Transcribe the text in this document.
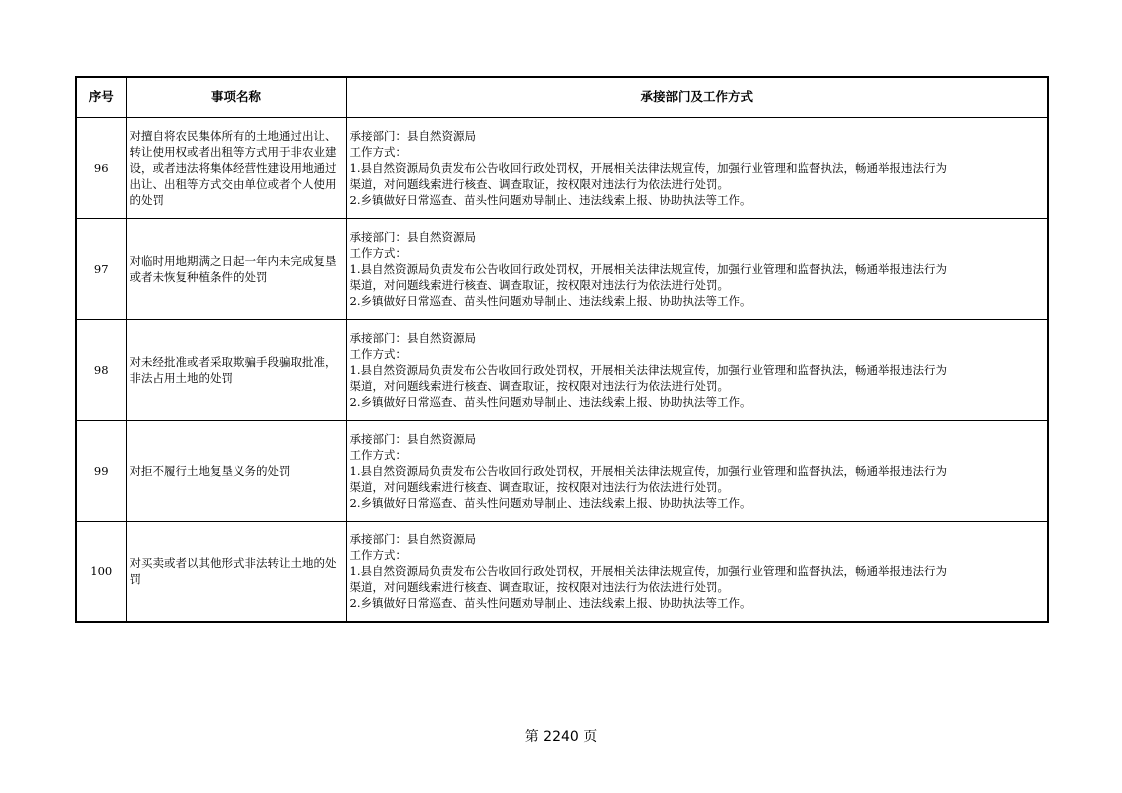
序号	事项名称	承接部门及工作方式
96	对擅自将农民集体所有的土地通过出让、转让使用权或者出租等方式用于非农业建设，或者违法将集体经营性建设用地通过出让、出租等方式交由单位或者个人使用的处罚	承接部门：县自然资源局
工作方式：
1.县自然资源局负责发布公告收回行政处罚权，开展相关法律法规宣传，加强行业管理和监督执法，畅通举报违法行为
渠道，对问题线索进行核查、调查取证，按权限对违法行为依法进行处罚。
2.乡镇做好日常巡查、苗头性问题劝导制止、违法线索上报、协助执法等工作。

97	对临时用地期满之日起一年内未完成复垦或者未恢复种植条件的处罚	承接部门：县自然资源局
工作方式：
1.县自然资源局负责发布公告收回行政处罚权，开展相关法律法规宣传，加强行业管理和监督执法，畅通举报违法行为
渠道，对问题线索进行核查、调查取证，按权限对违法行为依法进行处罚。
2.乡镇做好日常巡查、苗头性问题劝导制止、违法线索上报、协助执法等工作。

98	对未经批准或者采取欺骗手段骗取批准，非法占用土地的处罚	承接部门：县自然资源局
工作方式：
1.县自然资源局负责发布公告收回行政处罚权，开展相关法律法规宣传，加强行业管理和监督执法，畅通举报违法行为
渠道，对问题线索进行核查、调查取证，按权限对违法行为依法进行处罚。
2.乡镇做好日常巡查、苗头性问题劝导制止、违法线索上报、协助执法等工作。

99	对拒不履行土地复垦义务的处罚	承接部门：县自然资源局
工作方式：
1.县自然资源局负责发布公告收回行政处罚权，开展相关法律法规宣传，加强行业管理和监督执法，畅通举报违法行为
渠道，对问题线索进行核查、调查取证，按权限对违法行为依法进行处罚。
2.乡镇做好日常巡查、苗头性问题劝导制止、违法线索上报、协助执法等工作。

100	对买卖或者以其他形式非法转让土地的处罚	承接部门：县自然资源局
工作方式：
1.县自然资源局负责发布公告收回行政处罚权，开展相关法律法规宣传，加强行业管理和监督执法，畅通举报违法行为
渠道，对问题线索进行核查、调查取证，按权限对违法行为依法进行处罚。
2.乡镇做好日常巡查、苗头性问题劝导制止、违法线索上报、协助执法等工作。
第 2240 页
